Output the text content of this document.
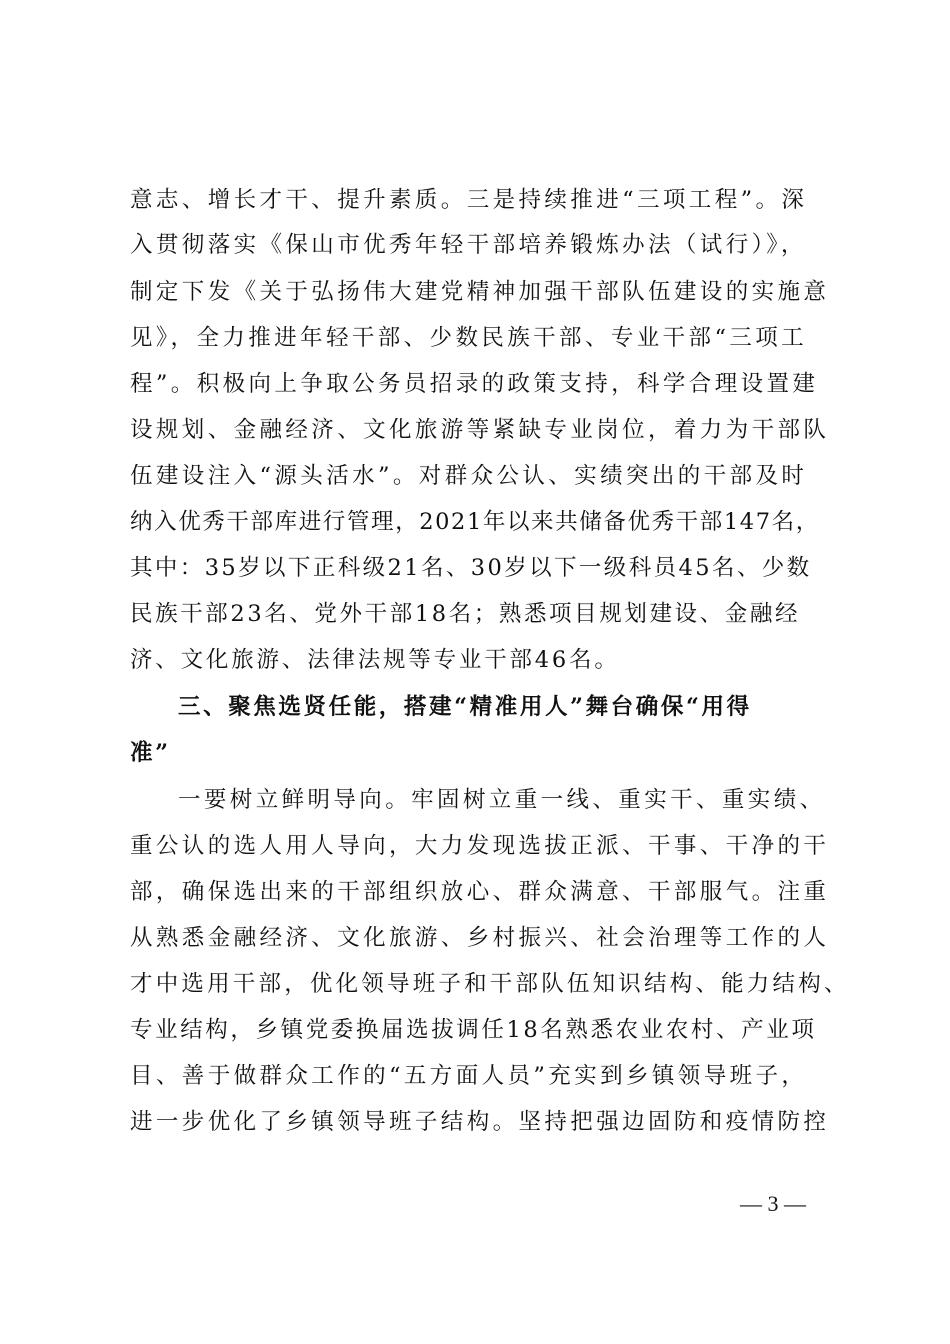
意志、增长才干、提升素质。三是持续推进“三项工程”。深
入贯彻落实《保山市优秀年轻干部培养锻炼办法（试行）》，
制定下发《关于弘扬伟大建党精神加强干部队伍建设的实施意
见》，全力推进年轻干部、少数民族干部、专业干部“三项工
程”。积极向上争取公务员招录的政策支持，科学合理设置建
设规划、金融经济、文化旅游等紧缺专业岗位，着力为干部队
伍建设注入“源头活水”。对群众公认、实绩突出的干部及时
纳入优秀干部库进行管理，2021年以来共储备优秀干部147名，
其中：35岁以下正科级21名、30岁以下一级科员45名、少数
民族干部23名、党外干部18名；熟悉项目规划建设、金融经
济、文化旅游、法律法规等专业干部46名。
三、聚焦选贤任能，搭建“精准用人”舞台确保“用得
准”
一要树立鲜明导向。牢固树立重一线、重实干、重实绩、
重公认的选人用人导向，大力发现选拔正派、干事、干净的干
部，确保选出来的干部组织放心、群众满意、干部服气。注重
从熟悉金融经济、文化旅游、乡村振兴、社会治理等工作的人
才中选用干部，优化领导班子和干部队伍知识结构、能力结构、
专业结构，乡镇党委换届选拔调任18名熟悉农业农村、产业项
目、善于做群众工作的“五方面人员”充实到乡镇领导班子，
进一步优化了乡镇领导班子结构。坚持把强边固防和疫情防控
— 3 —
